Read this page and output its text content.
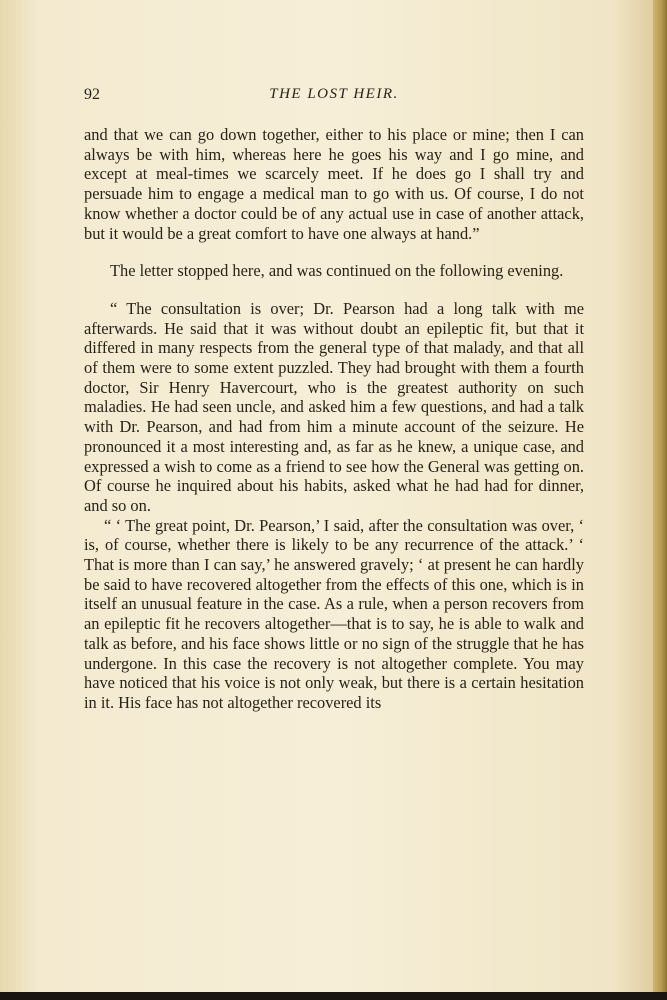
92	THE LOST HEIR.

and that we can go down together, either to his place or mine; then I can always be with him, whereas here he goes his way and I go mine, and except at meal-times we scarcely meet. If he does go I shall try and persuade him to engage a medical man to go with us. Of course, I do not know whether a doctor could be of any actual use in case of another attack, but it would be a great comfort to have one always at hand.”

The letter stopped here, and was continued on the following evening.

“ The consultation is over; Dr. Pearson had a long talk with me afterwards. He said that it was without doubt an epileptic fit, but that it differed in many respects from the general type of that malady, and that all of them were to some extent puzzled. They had brought with them a fourth doctor, Sir Henry Havercourt, who is the greatest authority on such maladies. He had seen uncle, and asked him a few questions, and had a talk with Dr. Pearson, and had from him a minute account of the seizure. He pronounced it a most interesting and, as far as he knew, a unique case, and expressed a wish to come as a friend to see how the General was getting on. Of course he inquired about his habits, asked what he had had for dinner, and so on.

“ ‘ The great point, Dr. Pearson,’ I said, after the consultation was over, ‘ is, of course, whether there is likely to be any recurrence of the attack.’ ‘ That is more than I can say,’ he answered gravely; ‘ at present he can hardly be said to have recovered altogether from the effects of this one, which is in itself an unusual feature in the case. As a rule, when a person recovers from an epileptic fit he recovers altogether—that is to say, he is able to walk and talk as before, and his face shows little or no sign of the struggle that he has undergone. In this case the recovery is not altogether complete. You may have noticed that his voice is not only weak, but there is a certain hesitation in it. His face has not altogether recovered its
